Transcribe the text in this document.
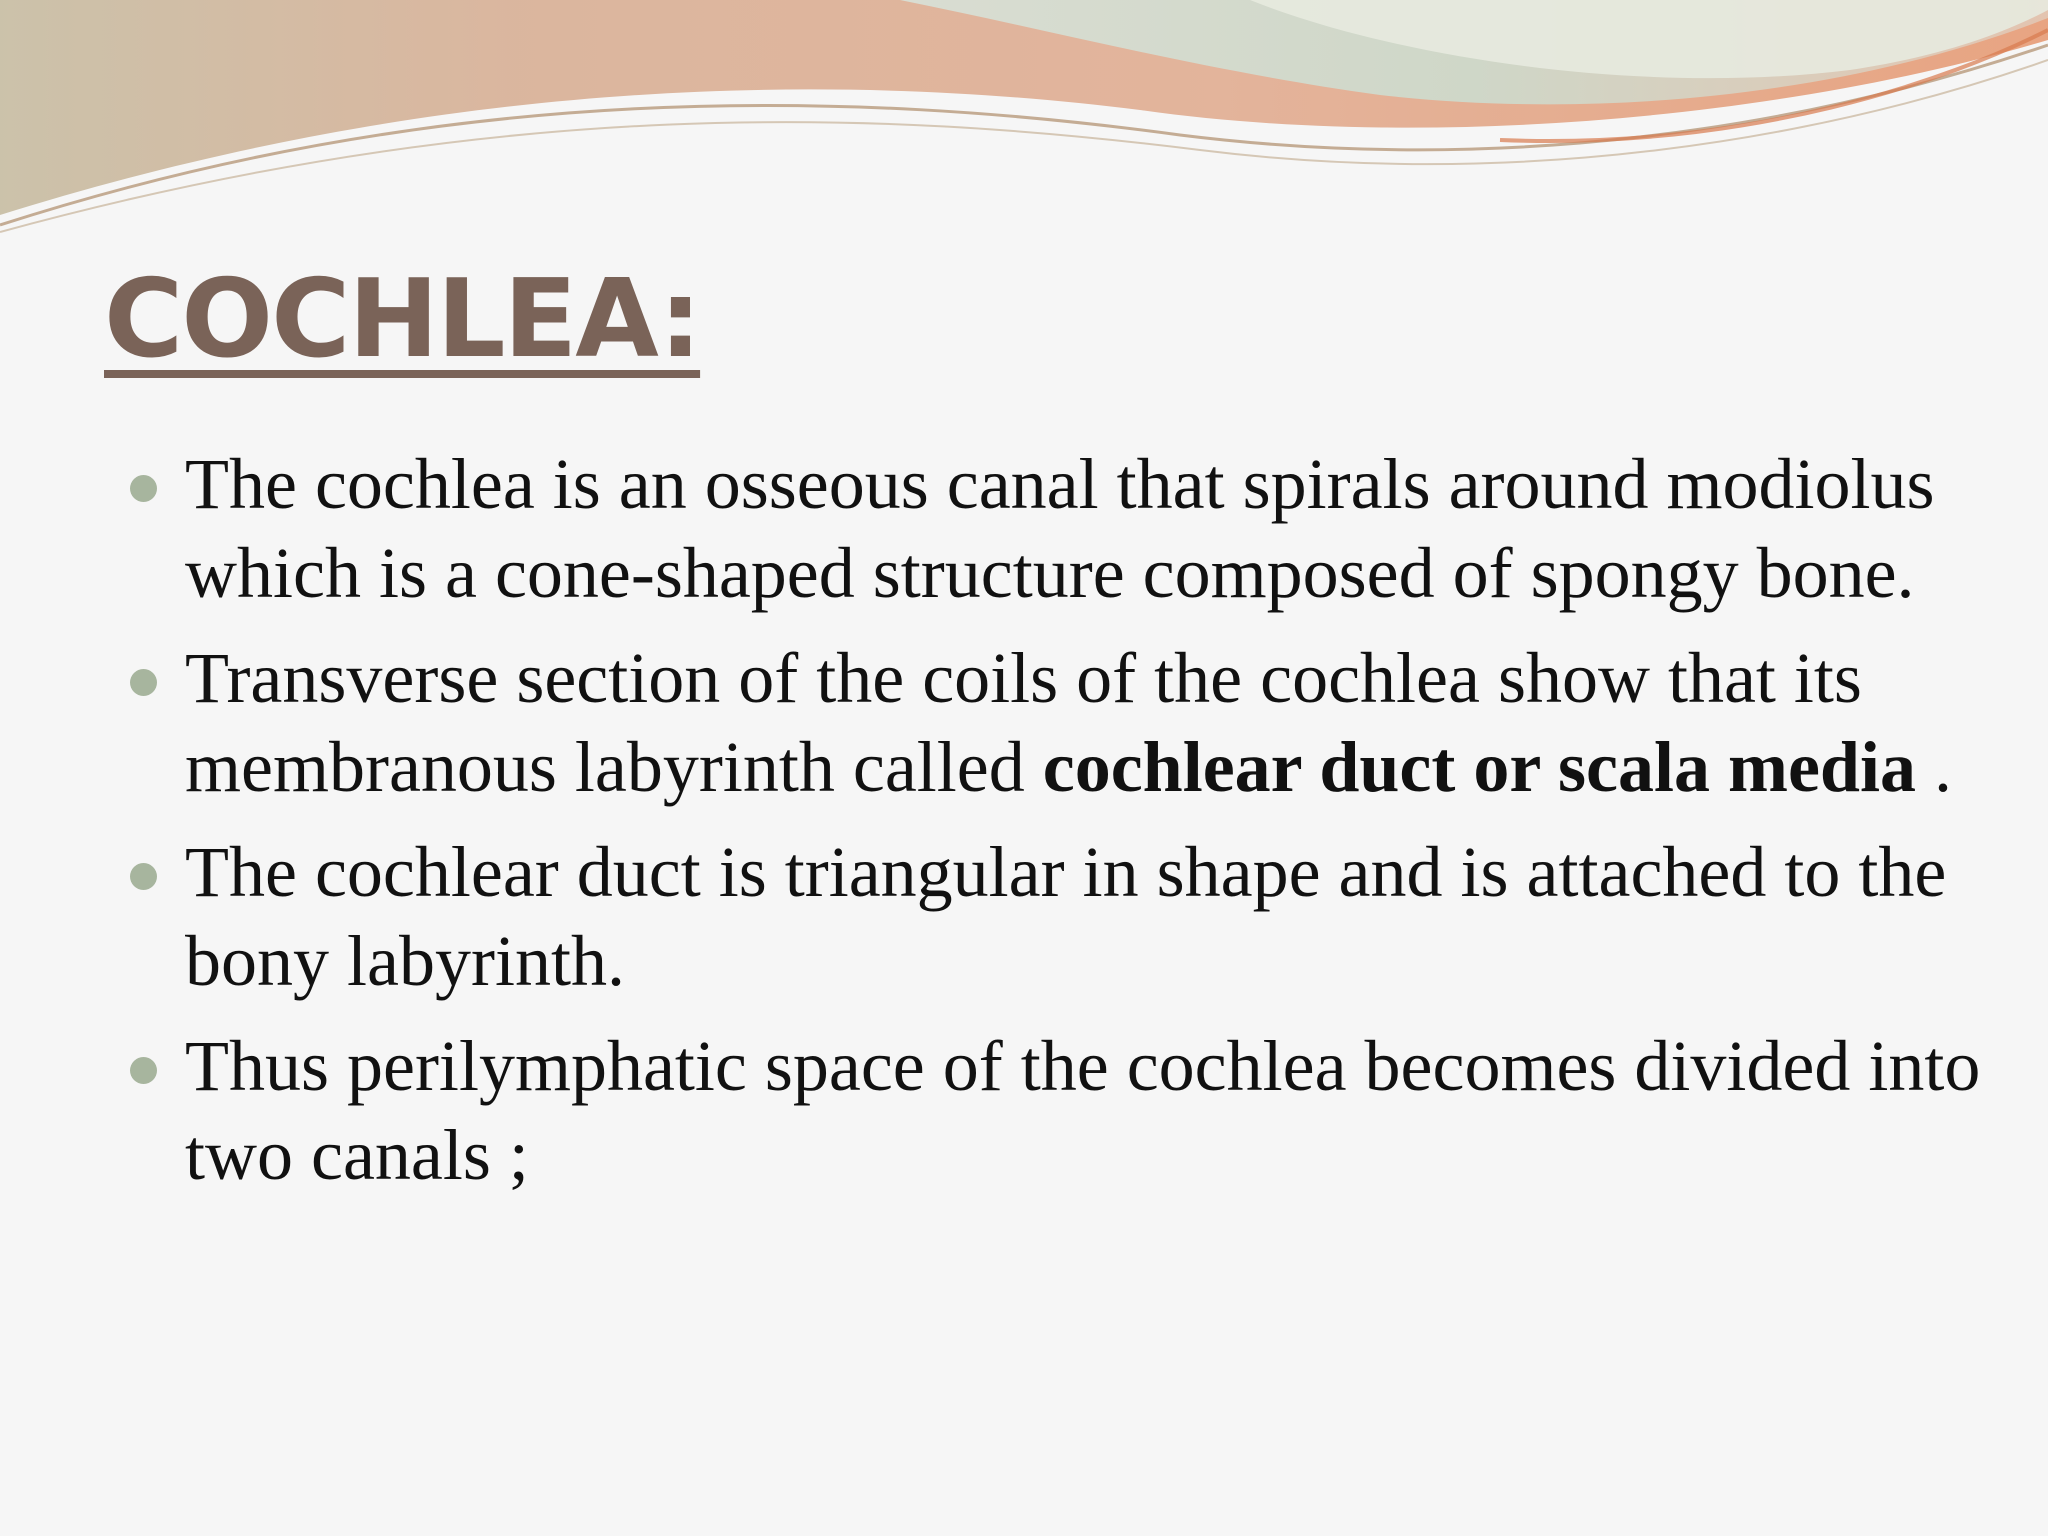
COCHLEA:
The cochlea is an osseous canal that spirals around modiolus which is a cone-shaped structure composed of spongy bone.
Transverse section of the coils of the cochlea show that its membranous labyrinth called cochlear duct or scala media .
The cochlear duct is triangular in shape and is attached to the bony labyrinth.
Thus perilymphatic space of the cochlea becomes divided into two canals ;
